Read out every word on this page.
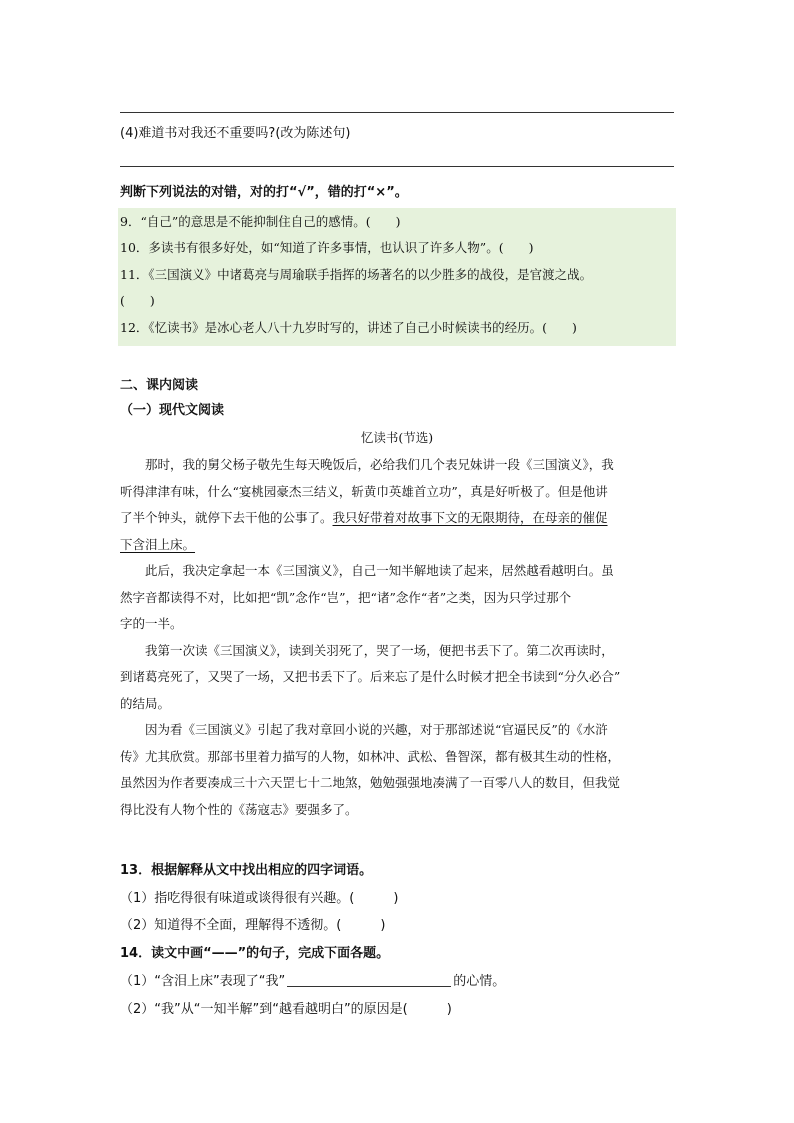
(4)难道书对我还不重要吗?(改为陈述句)
判断下列说法的对错，对的打“√”，错的打“×”。
9．“自己”的意思是不能抑制住自己的感情。(　　)
10．多读书有很多好处，如“知道了许多事情，也认识了许多人物”。(　　)
11．《三国演义》中诸葛亮与周瑜联手指挥的场著名的以少胜多的战役，是官渡之战。
(　　)
12．《忆读书》是冰心老人八十九岁时写的，讲述了自己小时候读书的经历。(　　)
二、课内阅读
（一）现代文阅读
忆读书(节选)

　　那时，我的舅父杨子敬先生每天晚饭后，必给我们几个表兄妹讲一段《三国演义》，我

听得津津有味，什么“宴桃园豪杰三结义，斩黄巾英雄首立功”，真是好听极了。但是他讲

了半个钟头，就停下去干他的公事了。我只好带着对故事下文的无限期待，在母亲的催促

下含泪上床。

　　此后，我决定拿起一本《三国演义》，自己一知半解地读了起来，居然越看越明白。虽

然字音都读得不对，比如把“凯”念作“岂”，把“诸”念作“者”之类，因为只学过那个

字的一半。

　　我第一次读《三国演义》，读到关羽死了，哭了一场，便把书丢下了。第二次再读时，

到诸葛亮死了，又哭了一场，又把书丢下了。后来忘了是什么时候才把全书读到“分久必合”

的结局。

　　因为看《三国演义》引起了我对章回小说的兴趣，对于那部述说“官逼民反”的《水浒

传》尤其欣赏。那部书里着力描写的人物，如林冲、武松、鲁智深，都有极其生动的性格，

虽然因为作者要凑成三十六天罡七十二地煞，勉勉强强地凑满了一百零八人的数目，但我觉

得比没有人物个性的《荡寇志》要强多了。

13．根据解释从文中找出相应的四字词语。
（1）指吃得很有味道或谈得很有兴趣。(　　　)
（2）知道得不全面，理解得不透彻。(　　　)
14．读文中画“——”的句子，完成下面各题。
（1）“含泪上床”表现了“我”	的心情。
（2）“我”从“一知半解”到“越看越明白”的原因是(　　　)
